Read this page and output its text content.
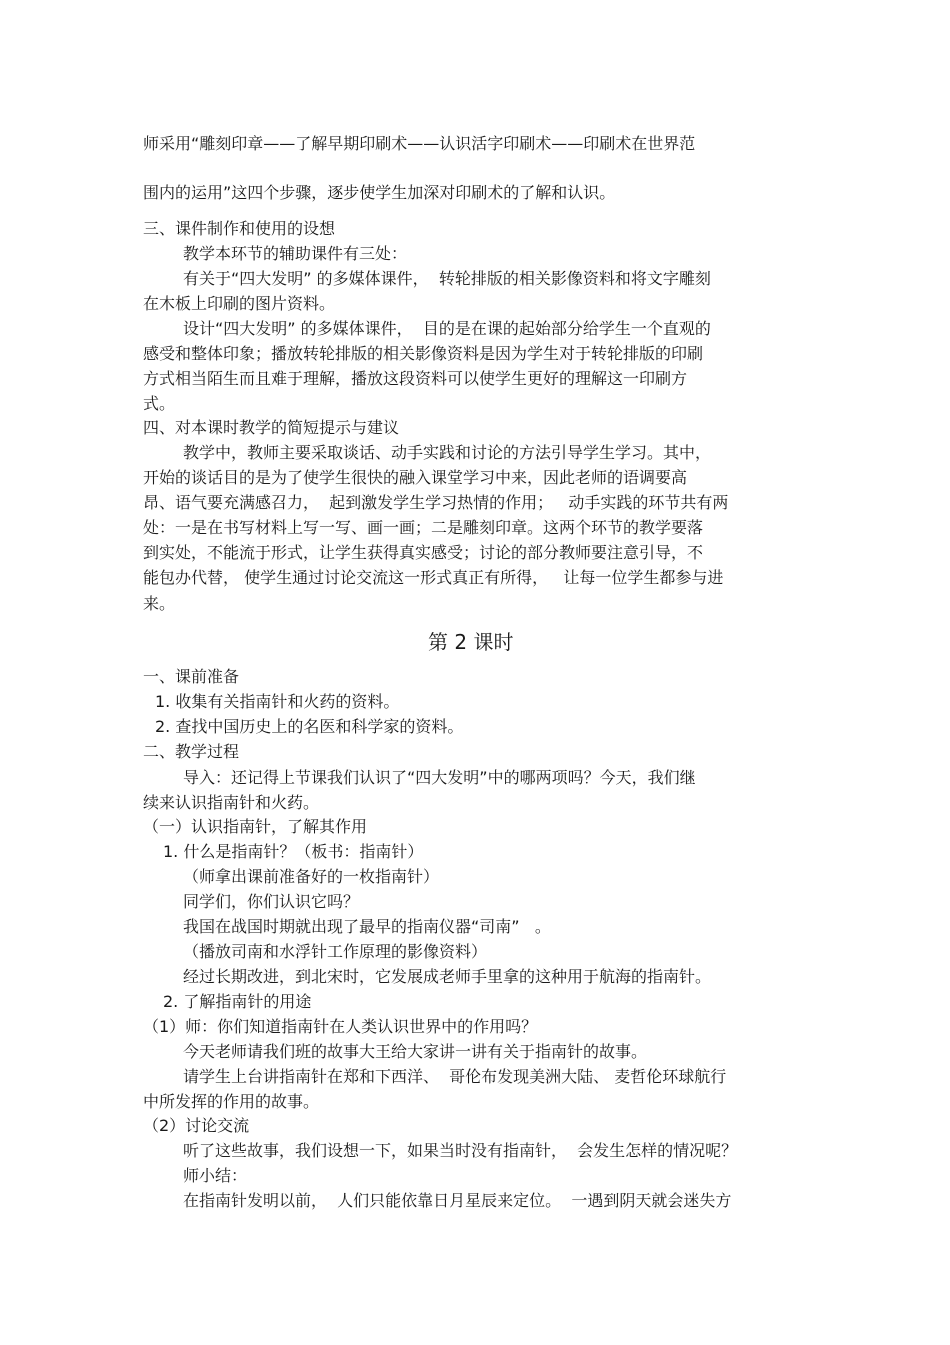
师采用“雕刻印章——了解早期印刷术——认识活字印刷术——印刷术在世界范
围内的运用”这四个步骤，逐步使学生加深对印刷术的了解和认识。
三、课件制作和使用的设想
教学本环节的辅助课件有三处：
有关于“四大发明” 的多媒体课件，  转轮排版的相关影像资料和将文字雕刻
在木板上印刷的图片资料。
设计“四大发明” 的多媒体课件，  目的是在课的起始部分给学生一个直观的
感受和整体印象；播放转轮排版的相关影像资料是因为学生对于转轮排版的印刷
方式相当陌生而且难于理解，播放这段资料可以使学生更好的理解这一印刷方
式。
四、对本课时教学的简短提示与建议
教学中，教师主要采取谈话、动手实践和讨论的方法引导学生学习。其中，
开始的谈话目的是为了使学生很快的融入课堂学习中来，因此老师的语调要高
昂、语气要充满感召力，  起到激发学生学习热情的作用；   动手实践的环节共有两
处：一是在书写材料上写一写、画一画；二是雕刻印章。这两个环节的教学要落
到实处，不能流于形式，让学生获得真实感受；讨论的部分教师要注意引导，不
能包办代替， 使学生通过讨论交流这一形式真正有所得，   让每一位学生都参与进
来。
第 2 课时
一、课前准备
1. 收集有关指南针和火药的资料。
2. 查找中国历史上的名医和科学家的资料。
二、教学过程
导入：还记得上节课我们认识了“四大发明”中的哪两项吗？今天，我们继
续来认识指南针和火药。
（一）认识指南针，了解其作用
1. 什么是指南针？（板书：指南针）
（师拿出课前准备好的一枚指南针）
同学们，你们认识它吗？
我国在战国时期就出现了最早的指南仪器“司南”   。
（播放司南和水浮针工作原理的影像资料）
经过长期改进，到北宋时，它发展成老师手里拿的这种用于航海的指南针。
2. 了解指南针的用途
（1）师：你们知道指南针在人类认识世界中的作用吗？
今天老师请我们班的故事大王给大家讲一讲有关于指南针的故事。
请学生上台讲指南针在郑和下西洋、  哥伦布发现美洲大陆、 麦哲伦环球航行
中所发挥的作用的故事。
（2）讨论交流
听了这些故事，我们设想一下，如果当时没有指南针，  会发生怎样的情况呢？
师小结：
在指南针发明以前，  人们只能依靠日月星辰来定位。  一遇到阴天就会迷失方
